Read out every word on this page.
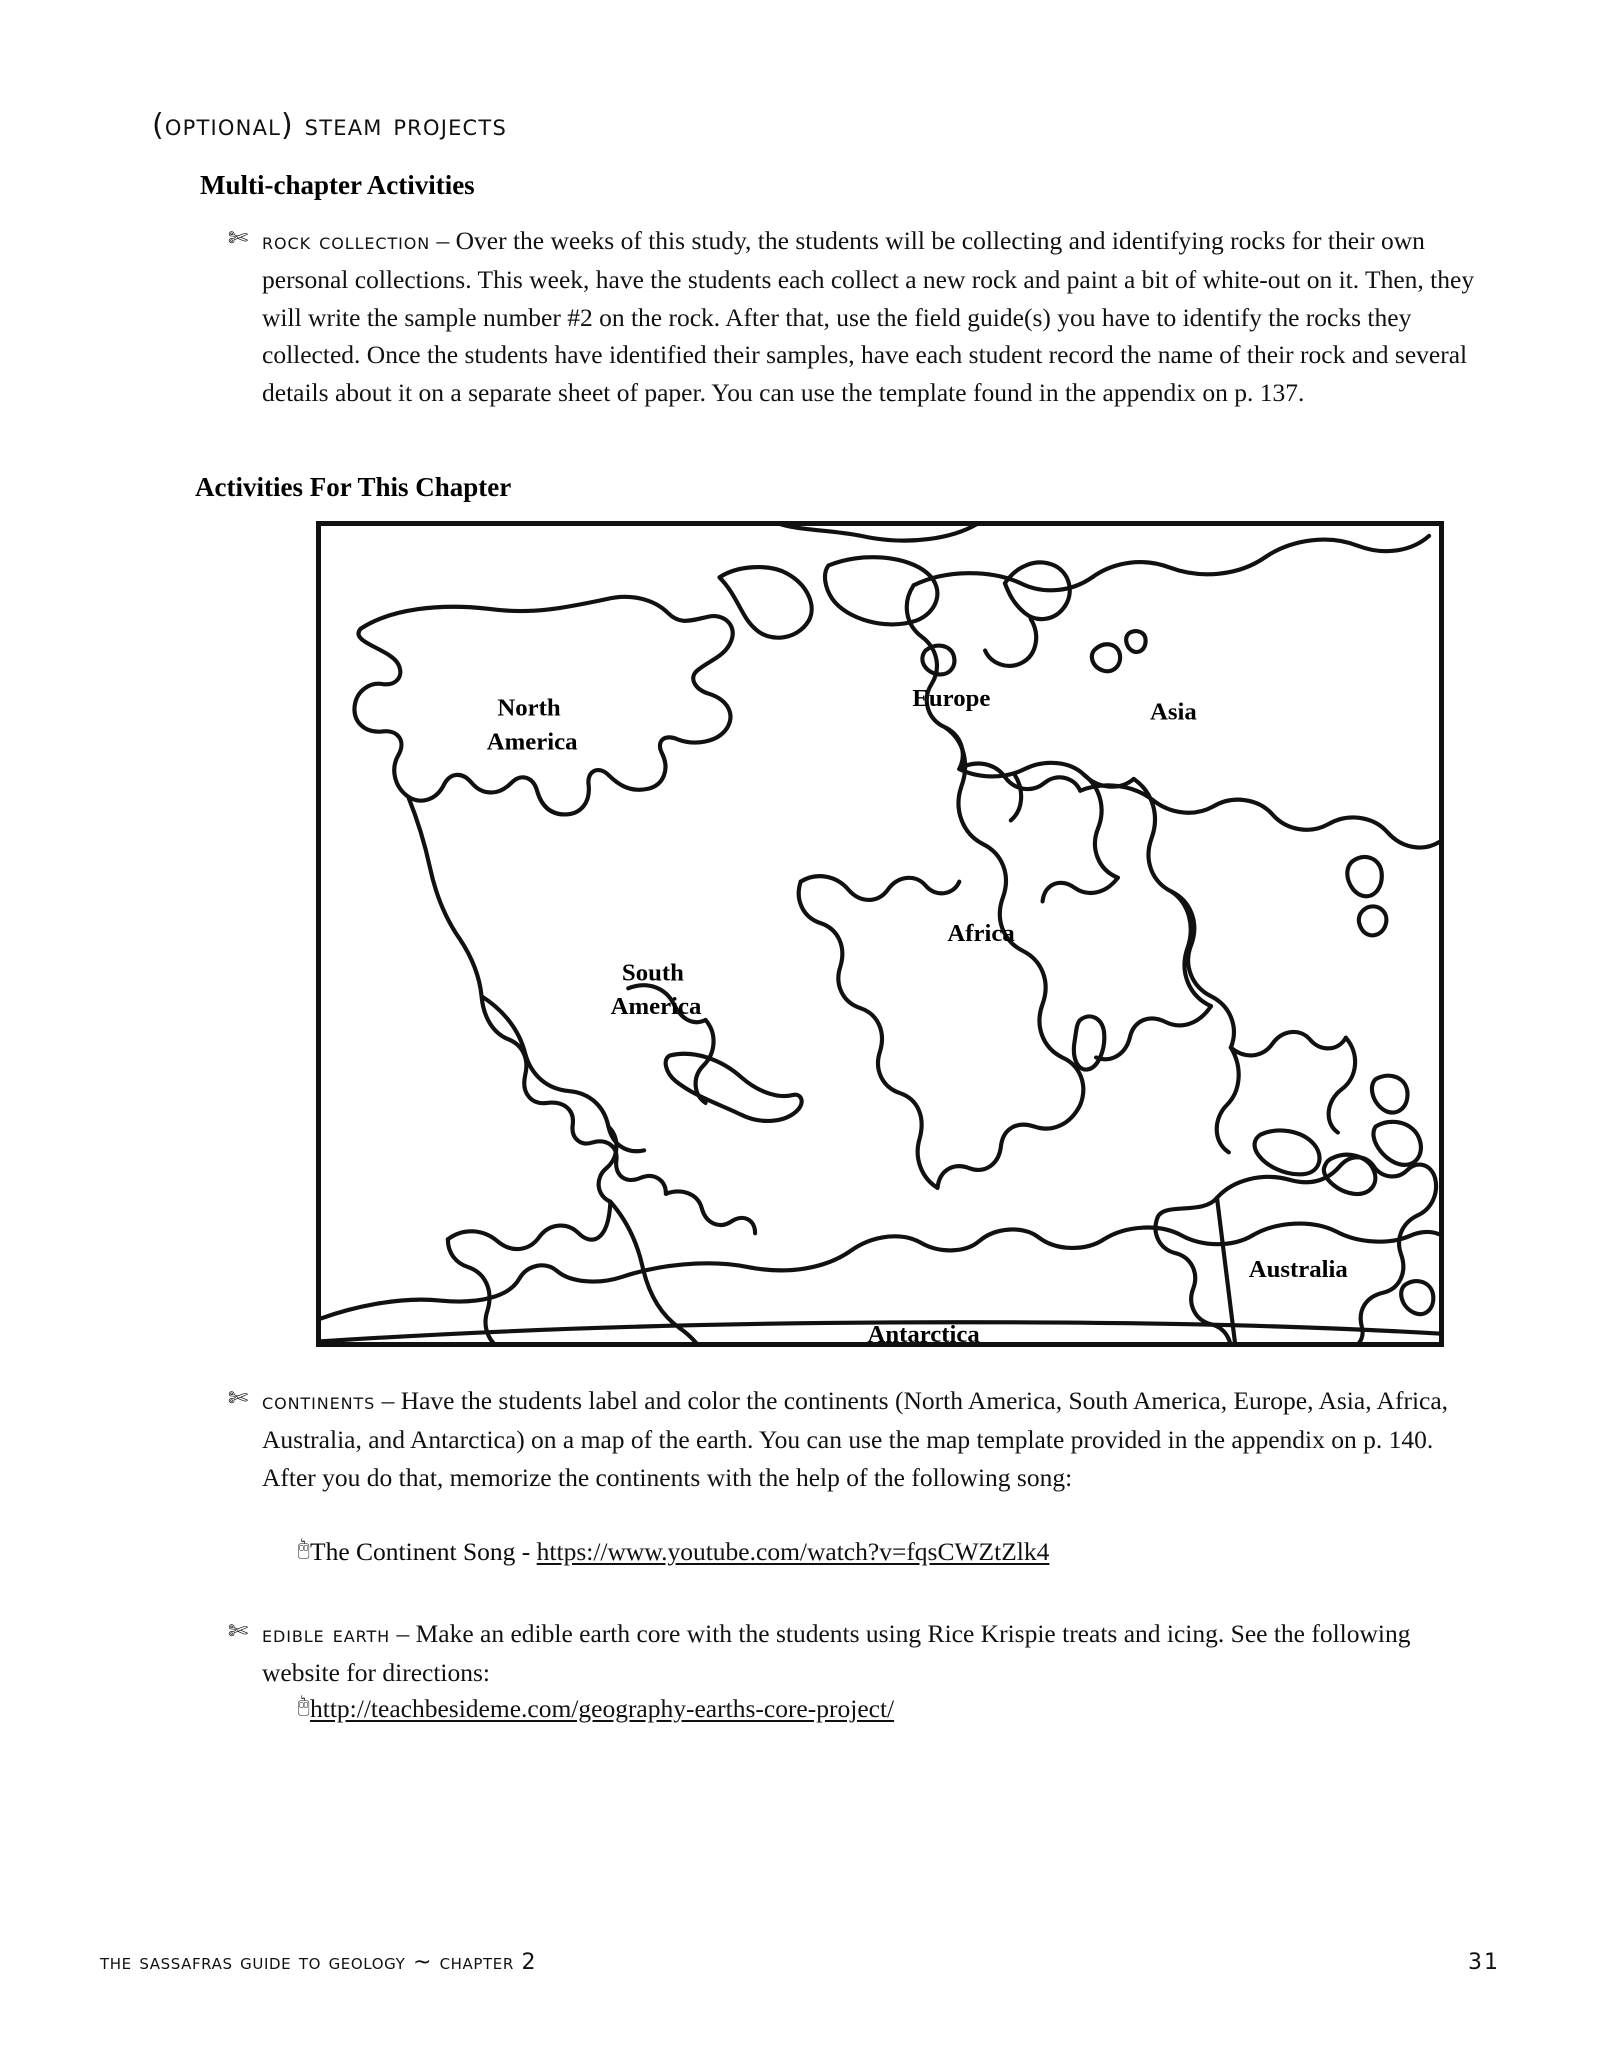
(optional) steam projects
Multi-chapter Activities
✄ rock collection – Over the weeks of this study, the students will be collecting and identifying rocks for their own personal collections. This week, have the students each collect a new rock and paint a bit of white-out on it. Then, they will write the sample number #2 on the rock. After that, use the field guide(s) you have to identify the rocks they collected. Once the students have identified their samples, have each student record the name of their rock and several details about it on a separate sheet of paper. You can use the template found in the appendix on p. 137.
Activities For This Chapter
North America
South America
Europe
Asia
Africa
Australia
Antarctica
✄ continents – Have the students label and color the continents (North America, South America, Europe, Asia, Africa, Australia, and Antarctica) on a map of the earth. You can use the map template provided in the appendix on p. 140. After you do that, memorize the continents with the help of the following song:
🖰 The Continent Song - https://www.youtube.com/watch?v=fqsCWZtZlk4
✄ edible earth – Make an edible earth core with the students using Rice Krispie treats and icing. See the following website for directions:
🖰 http://teachbesideme.com/geography-earths-core-project/
the sassafras guide to geology ~ chapter 2	31
